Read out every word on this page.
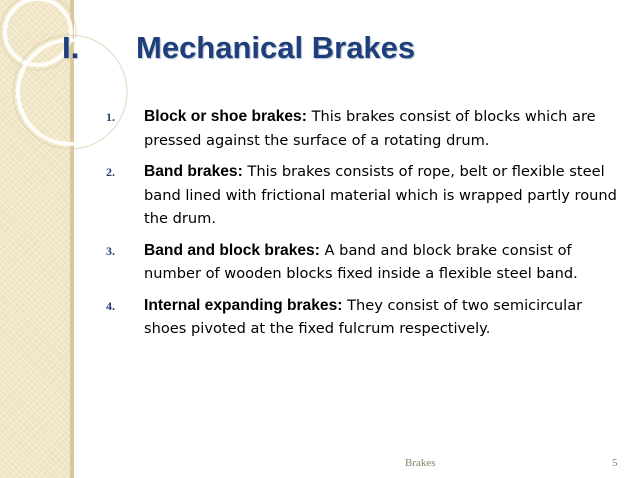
I. Mechanical Brakes
1.	Block or shoe brakes: This brakes consist of blocks which are pressed against the surface of a rotating drum.
2.	Band brakes: This brakes consists of rope, belt or flexible steel band lined with frictional material which is wrapped partly round the drum.
3.	Band and block brakes: A band and block brake consist of number of wooden blocks fixed inside a flexible steel band.
4.	Internal expanding brakes: They consist of two semicircular shoes pivoted at the fixed fulcrum respectively.
Brakes	5
